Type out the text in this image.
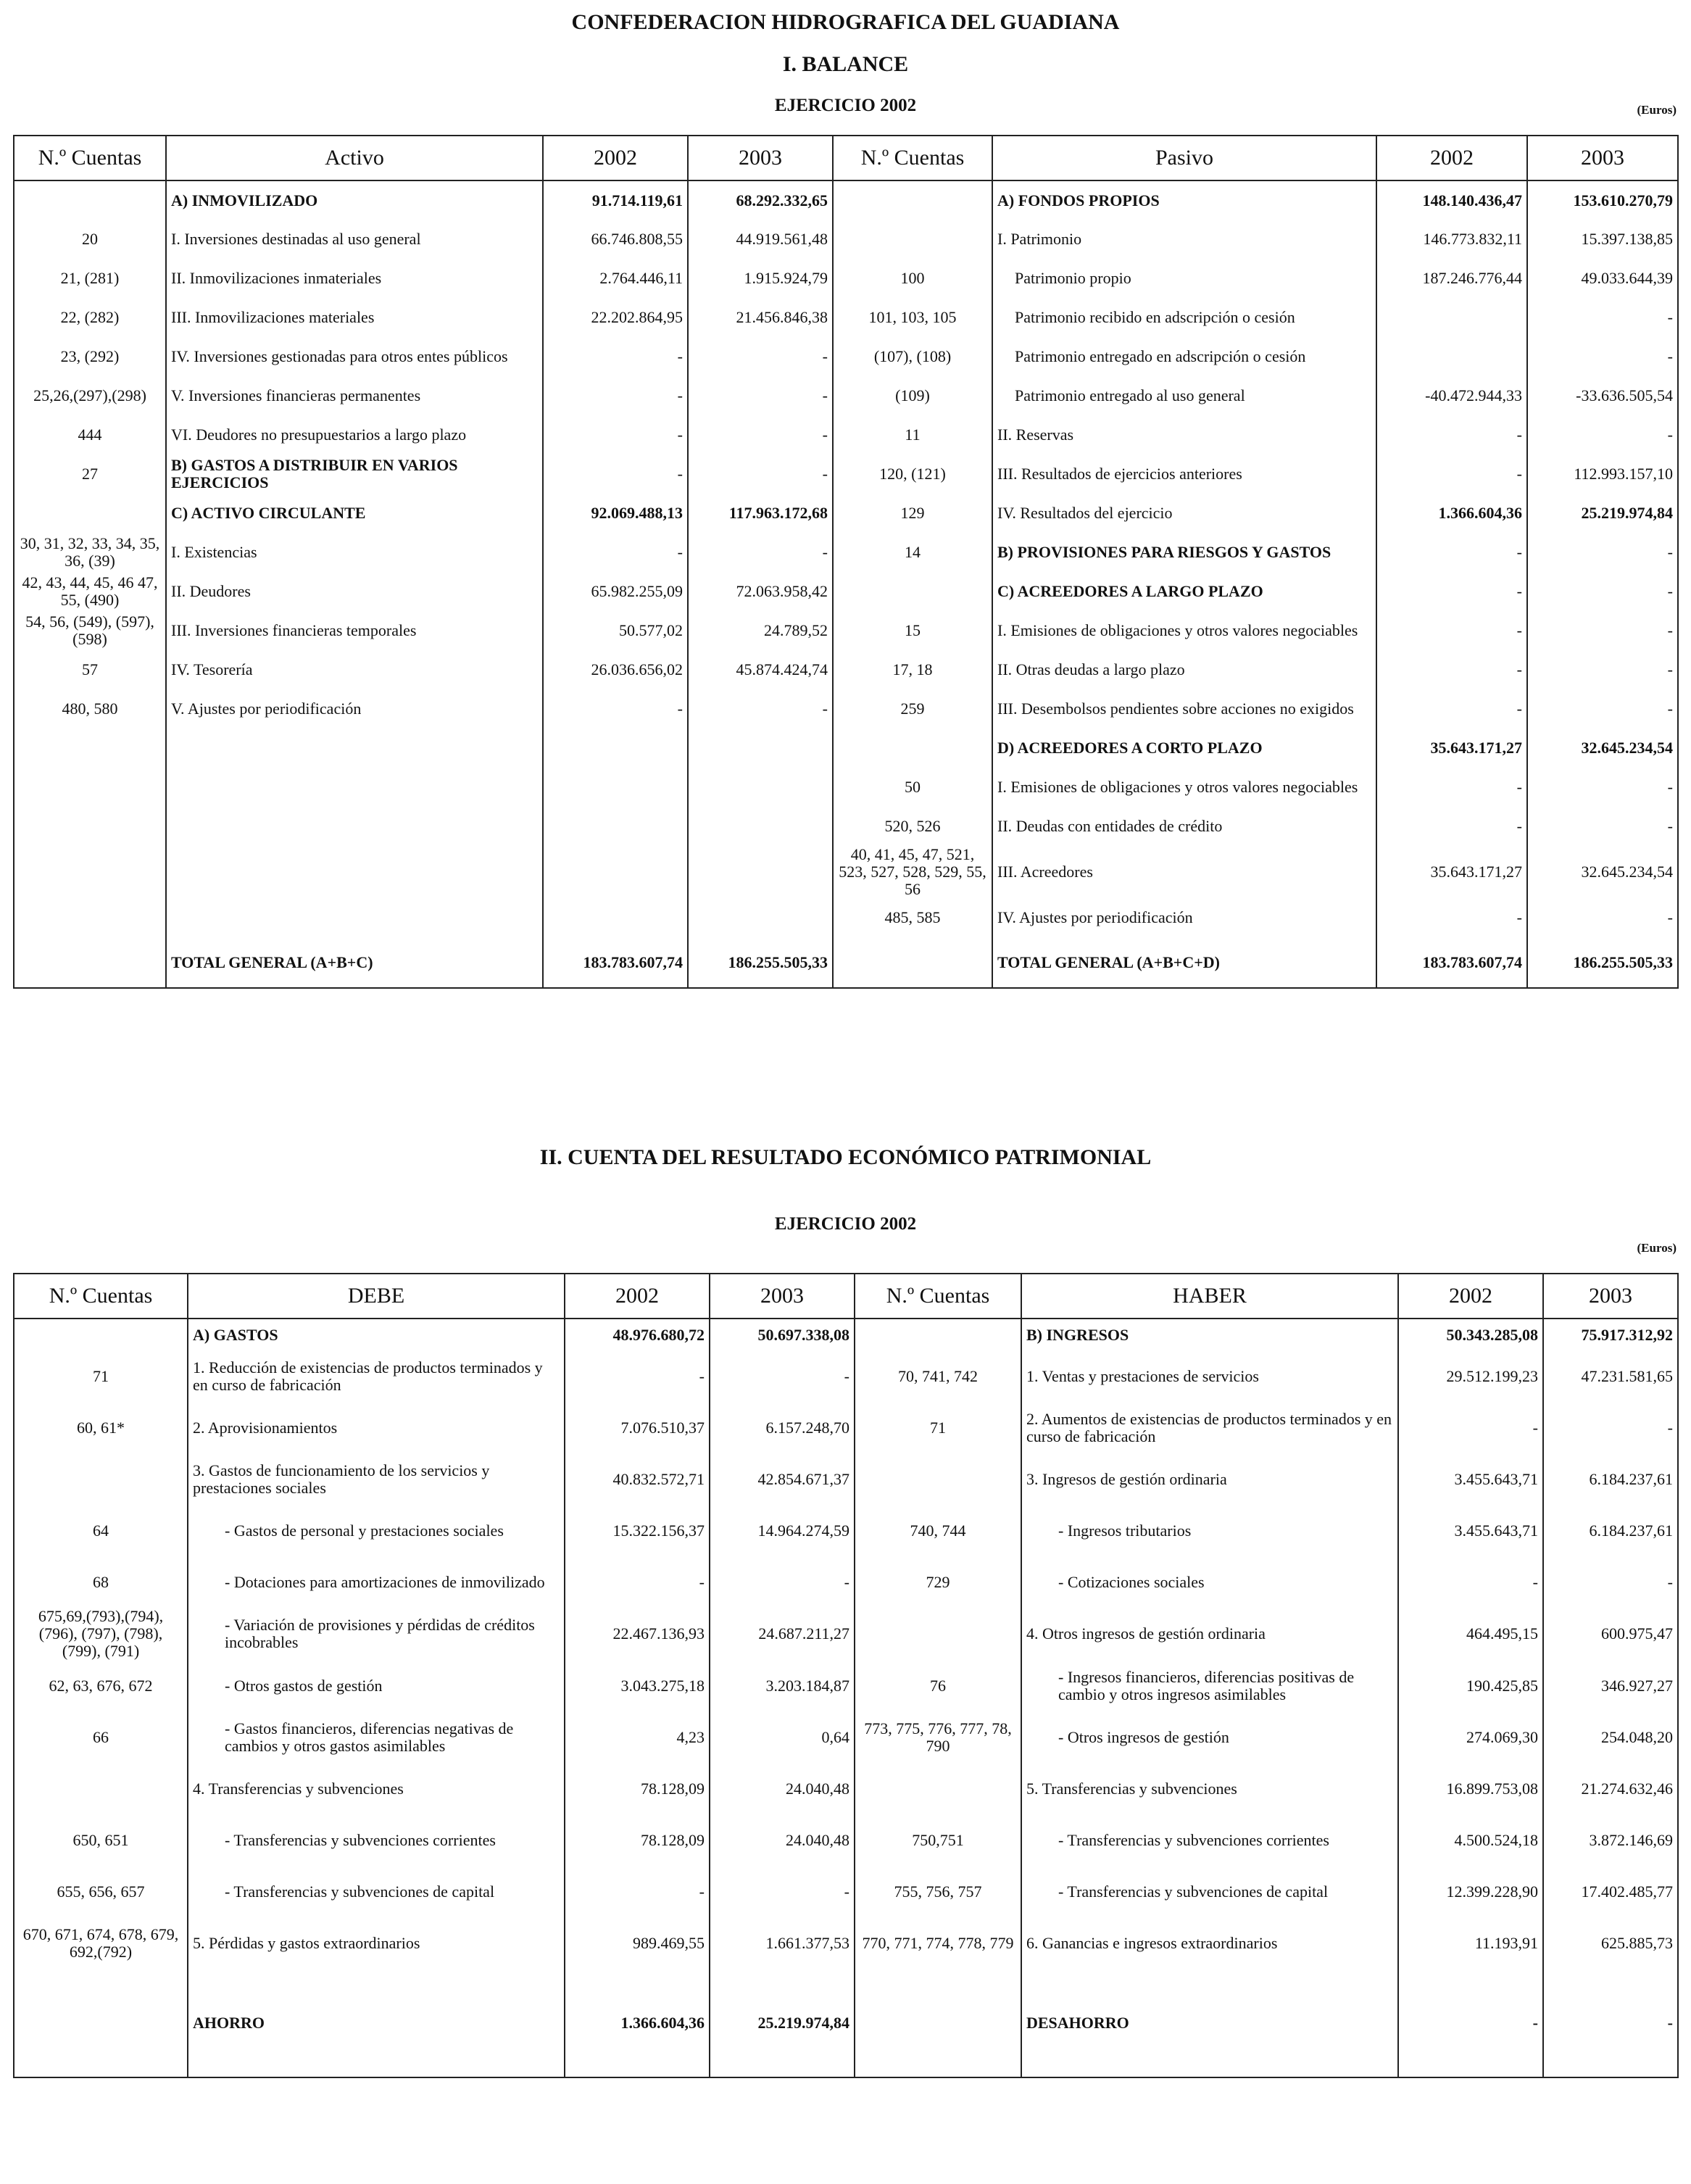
CONFEDERACION HIDROGRAFICA DEL GUADIANA
I. BALANCE
EJERCICIO 2002	(Euros)
N.º Cuentas	Activo	2002	2003	N.º Cuentas	Pasivo	2002	2003
	A) INMOVILIZADO	91.714.119,61	68.292.332,65		A) FONDOS PROPIOS	148.140.436,47	153.610.270,79
20	I. Inversiones destinadas al uso general	66.746.808,55	44.919.561,48		I. Patrimonio	146.773.832,11	15.397.138,85
21, (281)	II. Inmovilizaciones inmateriales	2.764.446,11	1.915.924,79	100	Patrimonio propio	187.246.776,44	49.033.644,39
22, (282)	III. Inmovilizaciones materiales	22.202.864,95	21.456.846,38	101, 103, 105	Patrimonio recibido en adscripción o cesión		-
23, (292)	IV. Inversiones gestionadas para otros entes públicos	-	-	(107), (108)	Patrimonio entregado en adscripción o cesión		-
25,26,(297),(298)	V. Inversiones financieras permanentes	-	-	(109)	Patrimonio entregado al uso general	-40.472.944,33	-33.636.505,54
444	VI. Deudores no presupuestarios a largo plazo	-	-	11	II. Reservas	-	-
27	B) GASTOS A DISTRIBUIR EN VARIOS EJERCICIOS	-	-	120, (121)	III. Resultados de ejercicios anteriores	-	112.993.157,10
	C) ACTIVO CIRCULANTE	92.069.488,13	117.963.172,68	129	IV. Resultados del ejercicio	1.366.604,36	25.219.974,84
30, 31, 32, 33, 34, 35, 36, (39)	I. Existencias	-	-	14	B) PROVISIONES PARA RIESGOS Y GASTOS	-	-
42, 43, 44, 45, 46 47, 55, (490)	II. Deudores	65.982.255,09	72.063.958,42		C) ACREEDORES A LARGO PLAZO	-	-
54, 56, (549), (597), (598)	III. Inversiones financieras temporales	50.577,02	24.789,52	15	I. Emisiones de obligaciones y otros valores negociables	-	-
57	IV. Tesorería	26.036.656,02	45.874.424,74	17, 18	II. Otras deudas a largo plazo	-	-
480, 580	V. Ajustes por periodificación	-	-	259	III. Desembolsos pendientes sobre acciones no exigidos	-	-
					D) ACREEDORES A CORTO PLAZO	35.643.171,27	32.645.234,54
				50	I. Emisiones de obligaciones y otros valores negociables	-	-
				520, 526	II. Deudas con entidades de crédito	-	-
				40, 41, 45, 47, 521, 523, 527, 528, 529, 55, 56	III. Acreedores	35.643.171,27	32.645.234,54
				485, 585	IV. Ajustes por periodificación	-	-
	TOTAL GENERAL (A+B+C)	183.783.607,74	186.255.505,33		TOTAL GENERAL (A+B+C+D)	183.783.607,74	186.255.505,33
II. CUENTA DEL RESULTADO ECONÓMICO PATRIMONIAL
EJERCICIO 2002
(Euros)
N.º Cuentas	DEBE	2002	2003	N.º Cuentas	HABER	2002	2003
	A) GASTOS	48.976.680,72	50.697.338,08		B) INGRESOS	50.343.285,08	75.917.312,92
71	1. Reducción de existencias de productos terminados y en curso de fabricación	-	-	70, 741, 742	1. Ventas y prestaciones de servicios	29.512.199,23	47.231.581,65
60, 61*	2. Aprovisionamientos	7.076.510,37	6.157.248,70	71	2. Aumentos de existencias de productos terminados y en curso de fabricación	-	-
	3. Gastos de funcionamiento de los servicios y prestaciones sociales	40.832.572,71	42.854.671,37		3. Ingresos de gestión ordinaria	3.455.643,71	6.184.237,61
64	- Gastos de personal y prestaciones sociales	15.322.156,37	14.964.274,59	740, 744	- Ingresos tributarios	3.455.643,71	6.184.237,61
68	- Dotaciones para amortizaciones de inmovilizado	-	-	729	- Cotizaciones sociales	-	-
675,69,(793),(794), (796), (797), (798), (799), (791)	- Variación de provisiones y pérdidas de créditos incobrables	22.467.136,93	24.687.211,27		4. Otros ingresos de gestión ordinaria	464.495,15	600.975,47
62, 63, 676, 672	- Otros gastos de gestión	3.043.275,18	3.203.184,87	76	- Ingresos financieros, diferencias positivas de cambio y otros ingresos asimilables	190.425,85	346.927,27
66	- Gastos financieros, diferencias negativas de cambios y otros gastos asimilables	4,23	0,64	773, 775, 776, 777, 78, 790	- Otros ingresos de gestión	274.069,30	254.048,20
	4. Transferencias y subvenciones	78.128,09	24.040,48		5. Transferencias y subvenciones	16.899.753,08	21.274.632,46
650, 651	- Transferencias y subvenciones corrientes	78.128,09	24.040,48	750,751	- Transferencias y subvenciones corrientes	4.500.524,18	3.872.146,69
655, 656, 657	- Transferencias y subvenciones de capital	-	-	755, 756, 757	- Transferencias y subvenciones de capital	12.399.228,90	17.402.485,77
670, 671, 674, 678, 679, 692,(792)	5. Pérdidas y gastos extraordinarios	989.469,55	1.661.377,53	770, 771, 774, 778, 779	6. Ganancias e ingresos extraordinarios	11.193,91	625.885,73
	AHORRO	1.366.604,36	25.219.974,84		DESAHORRO	-	-
